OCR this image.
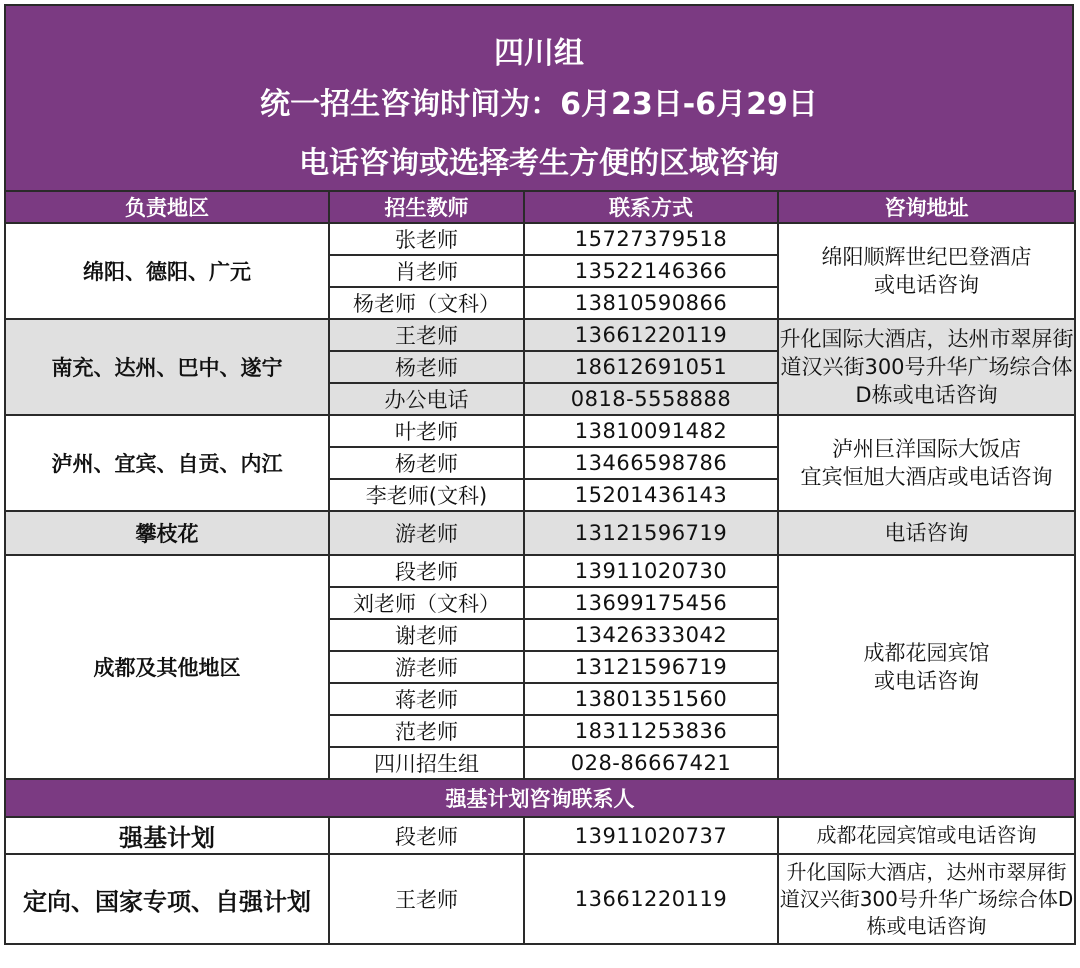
四川组
统一招生咨询时间为：6月23日-6月29日
电话咨询或选择考生方便的区域咨询
负责地区	招生教师	联系方式	咨询地址
绵阳、德阳、广元	张老师	15727379518	绵阳顺辉世纪巴登酒店
或电话咨询
	肖老师	13522146366	
	杨老师（文科）	13810590866	
南充、达州、巴中、遂宁	王老师	13661220119	升化国际大酒店，达州市翠屏街道汉兴街300号升华广场综合体D栋或电话咨询
	杨老师	18612691051	
	办公电话	0818-5558888	
泸州、宜宾、自贡、内江	叶老师	13810091482	泸州巨洋国际大饭店
宜宾恒旭大酒店或电话咨询
	杨老师	13466598786	
	李老师(文科)	15201436143	
攀枝花	游老师	13121596719	电话咨询
成都及其他地区	段老师	13911020730	成都花园宾馆
或电话咨询
	刘老师（文科）	13699175456	
	谢老师	13426333042	
	游老师	13121596719	
	蒋老师	13801351560	
	范老师	18311253836	
	四川招生组	028-86667421	
强基计划咨询联系人			
强基计划	段老师	13911020737	成都花园宾馆或电话咨询
定向、国家专项、自强计划	王老师	13661220119	升化国际大酒店，达州市翠屏街道汉兴街300号升华广场综合体D栋或电话咨询
